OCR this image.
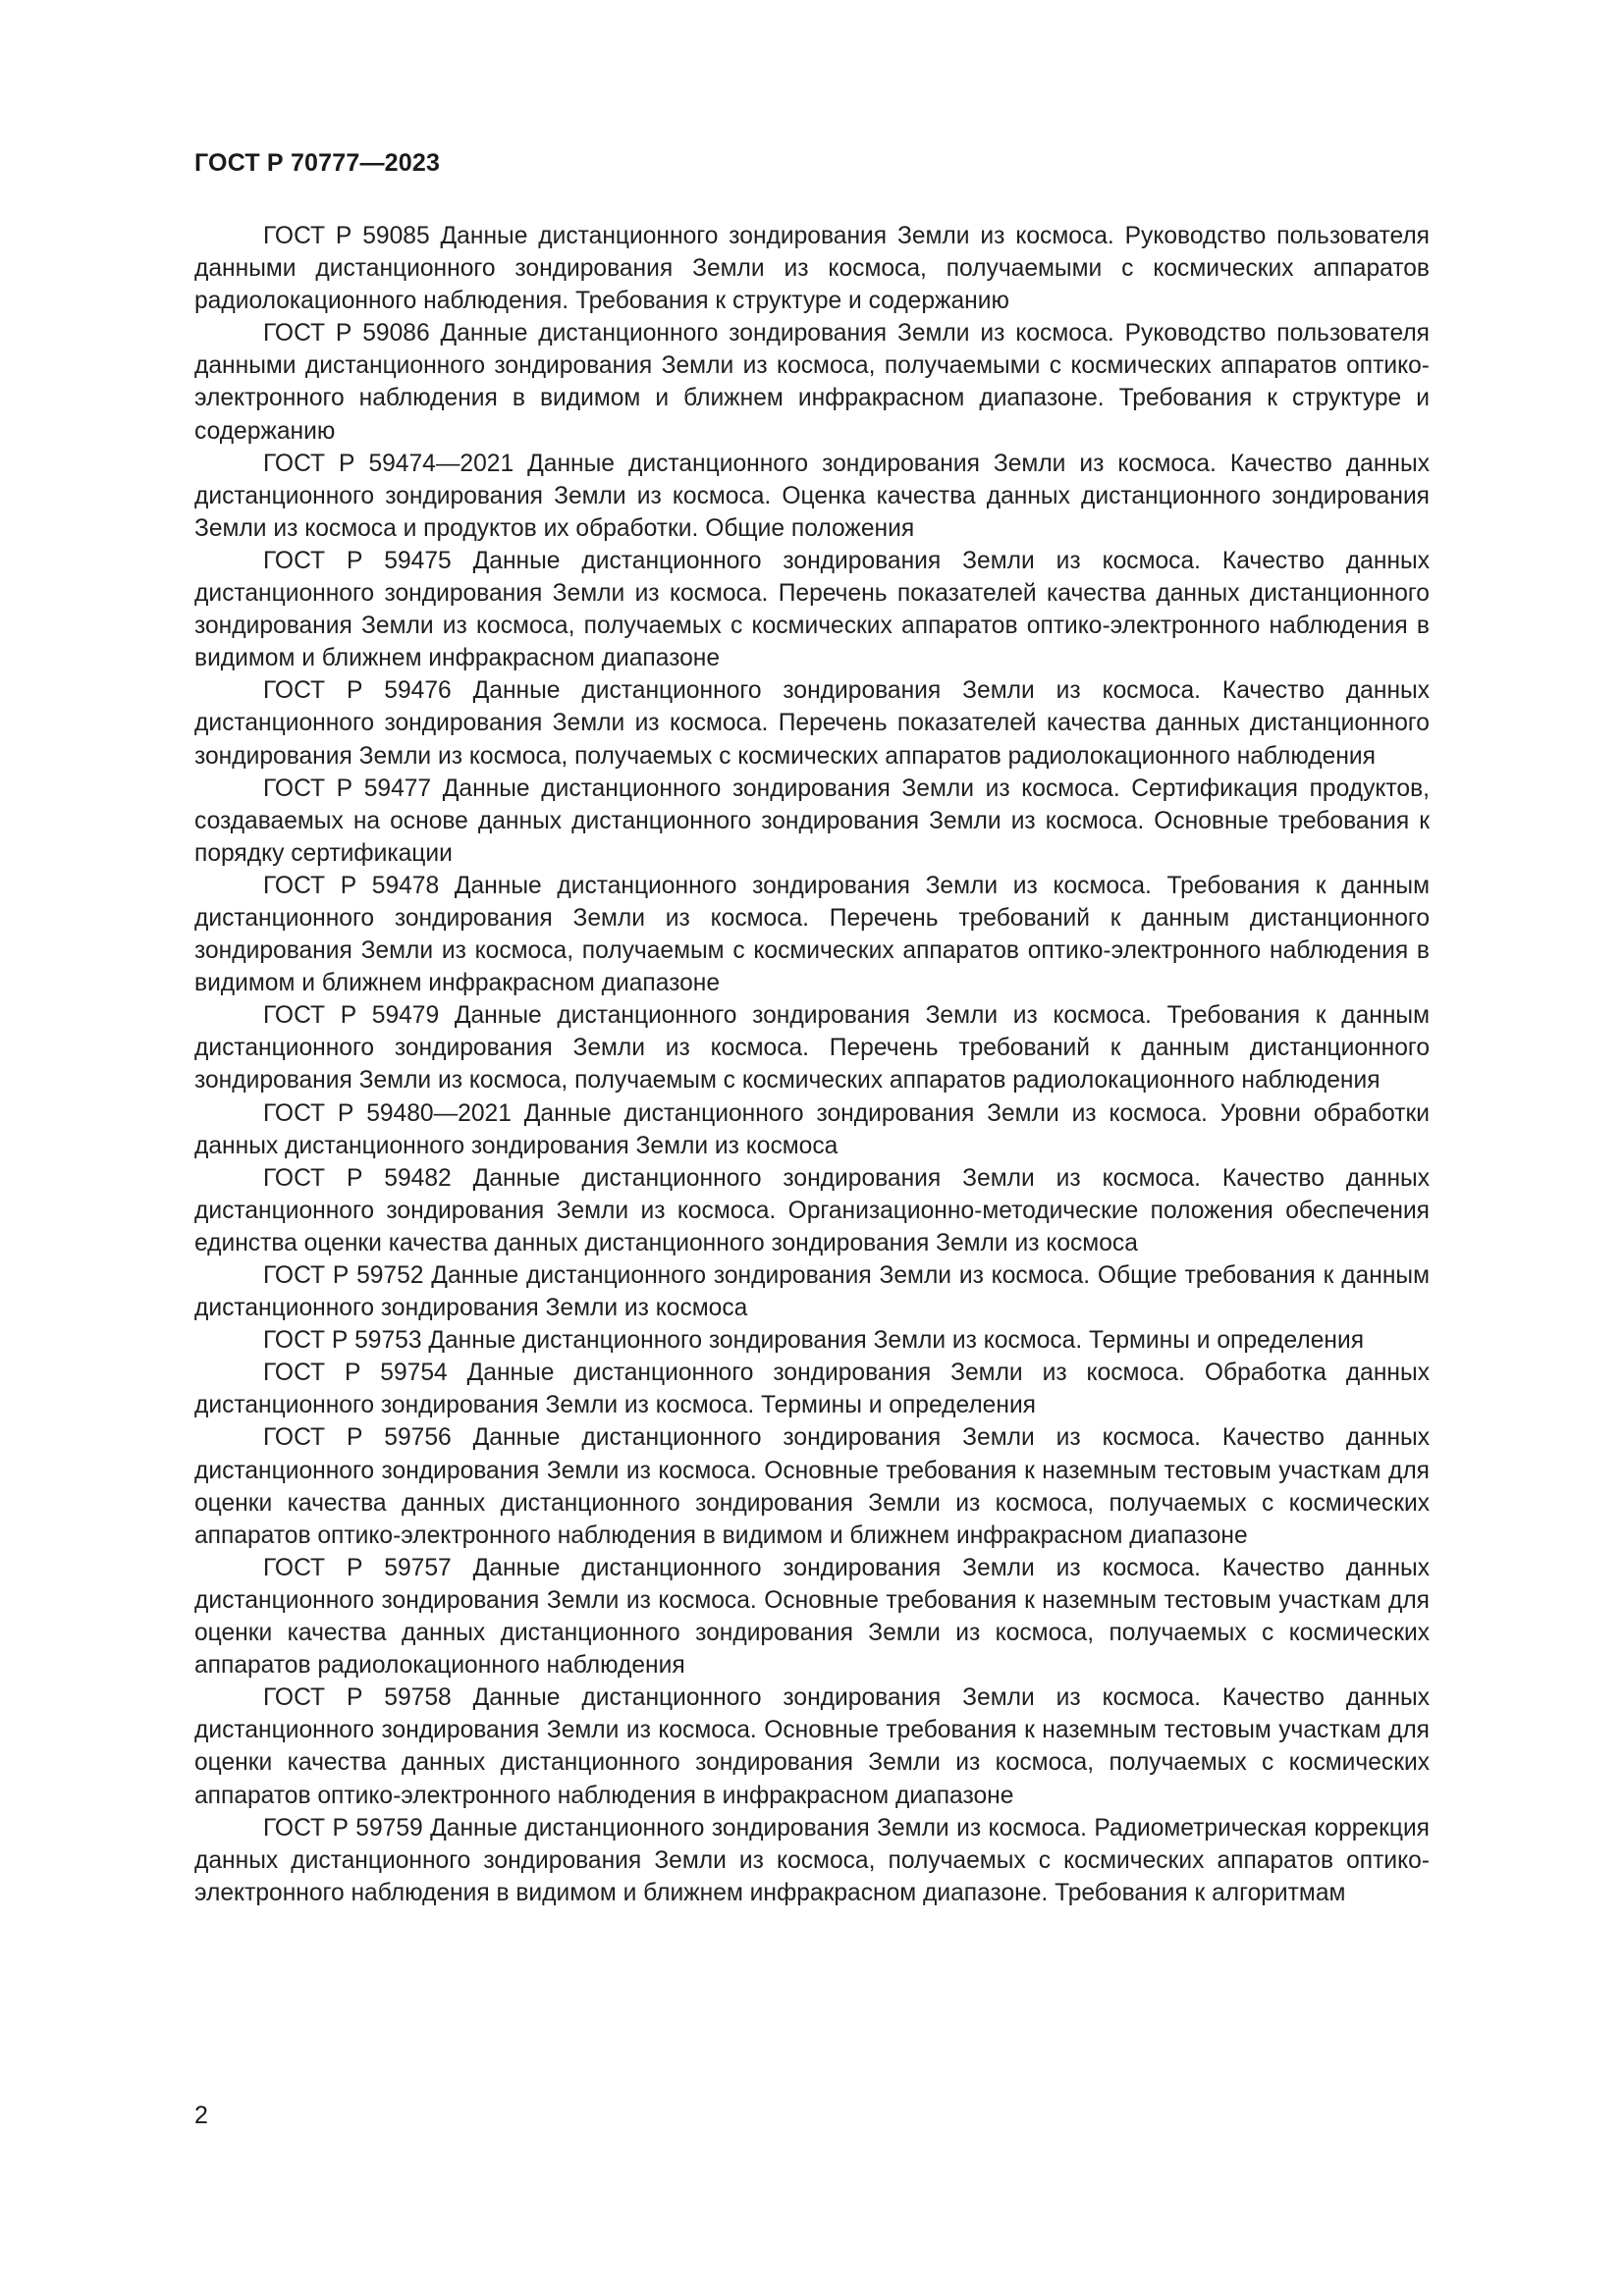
ГОСТ Р 70777—2023
ГОСТ Р 59085 Данные дистанционного зондирования Земли из космоса. Руководство пользователя данными дистанционного зондирования Земли из космоса, получаемыми с космических аппаратов радиолокационного наблюдения. Требования к структуре и содержанию
ГОСТ Р 59086 Данные дистанционного зондирования Земли из космоса. Руководство пользователя данными дистанционного зондирования Земли из космоса, получаемыми с космических аппаратов оптико-электронного наблюдения в видимом и ближнем инфракрасном диапазоне. Требования к структуре и содержанию
ГОСТ Р 59474—2021 Данные дистанционного зондирования Земли из космоса. Качество данных дистанционного зондирования Земли из космоса. Оценка качества данных дистанционного зондирования Земли из космоса и продуктов их обработки. Общие положения
ГОСТ Р 59475 Данные дистанционного зондирования Земли из космоса. Качество данных дистанционного зондирования Земли из космоса. Перечень показателей качества данных дистанционного зондирования Земли из космоса, получаемых с космических аппаратов оптико-электронного наблюдения в видимом и ближнем инфракрасном диапазоне
ГОСТ Р 59476 Данные дистанционного зондирования Земли из космоса. Качество данных дистанционного зондирования Земли из космоса. Перечень показателей качества данных дистанционного зондирования Земли из космоса, получаемых с космических аппаратов радиолокационного наблюдения
ГОСТ Р 59477 Данные дистанционного зондирования Земли из космоса. Сертификация продуктов, создаваемых на основе данных дистанционного зондирования Земли из космоса. Основные требования к порядку сертификации
ГОСТ Р 59478 Данные дистанционного зондирования Земли из космоса. Требования к данным дистанционного зондирования Земли из космоса. Перечень требований к данным дистанционного зондирования Земли из космоса, получаемым с космических аппаратов оптико-электронного наблюдения в видимом и ближнем инфракрасном диапазоне
ГОСТ Р 59479 Данные дистанционного зондирования Земли из космоса. Требования к данным дистанционного зондирования Земли из космоса. Перечень требований к данным дистанционного зондирования Земли из космоса, получаемым с космических аппаратов радиолокационного наблюдения
ГОСТ Р 59480—2021 Данные дистанционного зондирования Земли из космоса. Уровни обработки данных дистанционного зондирования Земли из космоса
ГОСТ Р 59482 Данные дистанционного зондирования Земли из космоса. Качество данных дистанционного зондирования Земли из космоса. Организационно-методические положения обеспечения единства оценки качества данных дистанционного зондирования Земли из космоса
ГОСТ Р 59752 Данные дистанционного зондирования Земли из космоса. Общие требования к данным дистанционного зондирования Земли из космоса
ГОСТ Р 59753 Данные дистанционного зондирования Земли из космоса. Термины и определения
ГОСТ Р 59754 Данные дистанционного зондирования Земли из космоса. Обработка данных дистанционного зондирования Земли из космоса. Термины и определения
ГОСТ Р 59756 Данные дистанционного зондирования Земли из космоса. Качество данных дистанционного зондирования Земли из космоса. Основные требования к наземным тестовым участкам для оценки качества данных дистанционного зондирования Земли из космоса, получаемых с космических аппаратов оптико-электронного наблюдения в видимом и ближнем инфракрасном диапазоне
ГОСТ Р 59757 Данные дистанционного зондирования Земли из космоса. Качество данных дистанционного зондирования Земли из космоса. Основные требования к наземным тестовым участкам для оценки качества данных дистанционного зондирования Земли из космоса, получаемых с космических аппаратов радиолокационного наблюдения
ГОСТ Р 59758 Данные дистанционного зондирования Земли из космоса. Качество данных дистанционного зондирования Земли из космоса. Основные требования к наземным тестовым участкам для оценки качества данных дистанционного зондирования Земли из космоса, получаемых с космических аппаратов оптико-электронного наблюдения в инфракрасном диапазоне
ГОСТ Р 59759 Данные дистанционного зондирования Земли из космоса. Радиометрическая коррекция данных дистанционного зондирования Земли из космоса, получаемых с космических аппаратов оптико-электронного наблюдения в видимом и ближнем инфракрасном диапазоне. Требования к алгоритмам
2
